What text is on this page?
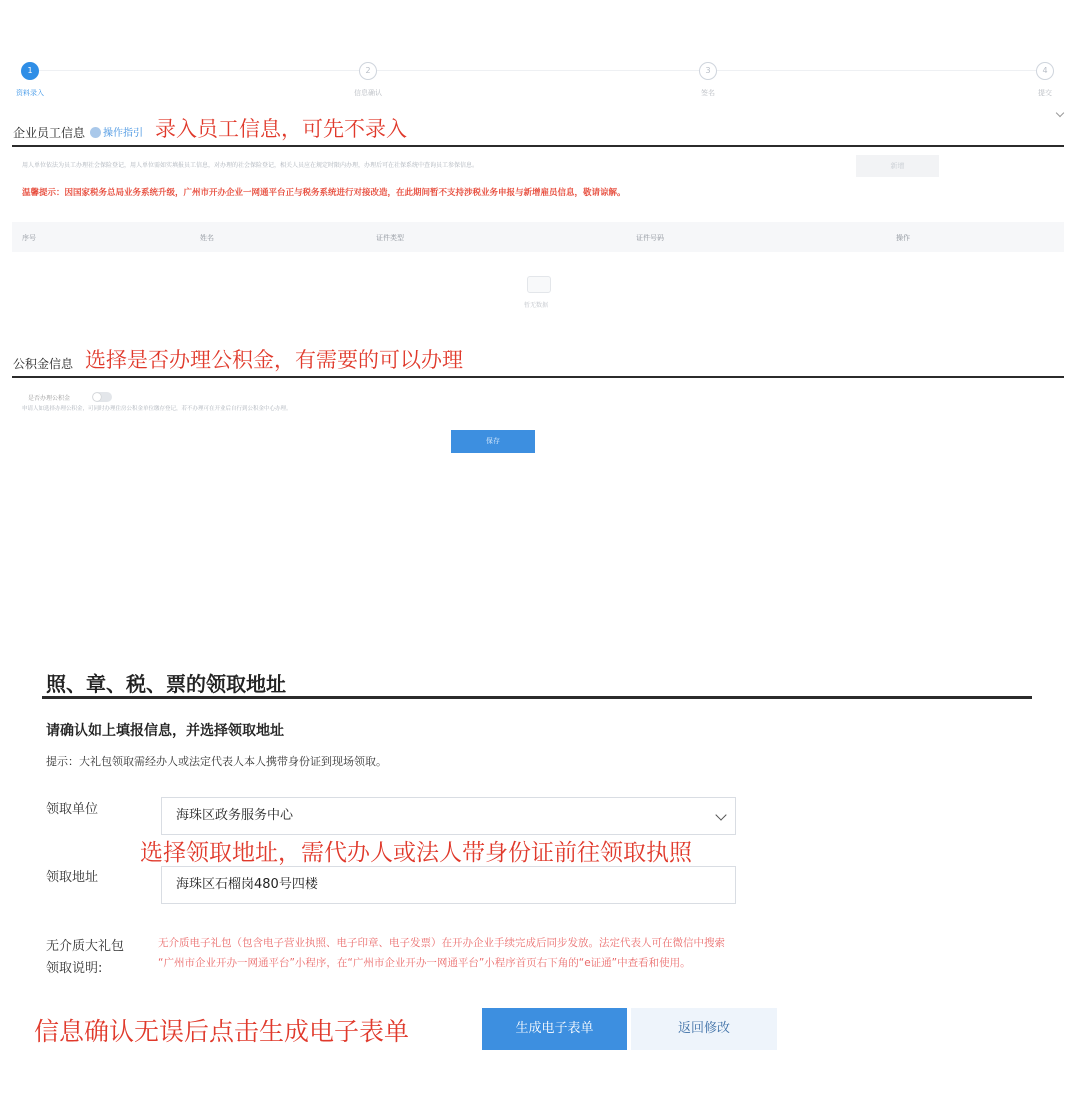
1
资料录入
2
信息确认
3
签名
4
提交
企业员工信息	操作指引 录入员工信息，可先不录入
用人单位依法为员工办理社会保险登记，用人单位需如实填报员工信息，对办理的社会保险登记，相关人员应在规定时限内办理，办理后可在社保系统中查询员工参保信息。	新增
温馨提示：因国家税务总局业务系统升级，广州市开办企业一网通平台正与税务系统进行对接改造，在此期间暂不支持涉税业务申报与新增雇员信息，敬请谅解。
序号	姓名	证件类型	证件号码	操作
暂无数据
公积金信息 选择是否办理公积金，有需要的可以办理
是否办理公积金
申请人如选择办理公积金，可同时办理住房公积金单位缴存登记，若不办理可在开业后自行到公积金中心办理。
保存
照、章、税、票的领取地址
请确认如上填报信息，并选择领取地址
提示：大礼包领取需经办人或法定代表人本人携带身份证到现场领取。
领取单位	海珠区政务服务中心
选择领取地址，需代办人或法人带身份证前往领取执照
领取地址	海珠区石榴岗480号四楼
无介质大礼包
领取说明:
无介质电子礼包（包含电子营业执照、电子印章、电子发票）在开办企业手续完成后同步发放。法定代表人可在微信中搜索
“广州市企业开办一网通平台”小程序，在“广州市企业开办一网通平台”小程序首页右下角的“e证通”中查看和使用。
信息确认无误后点击生成电子表单	生成电子表单	返回修改
